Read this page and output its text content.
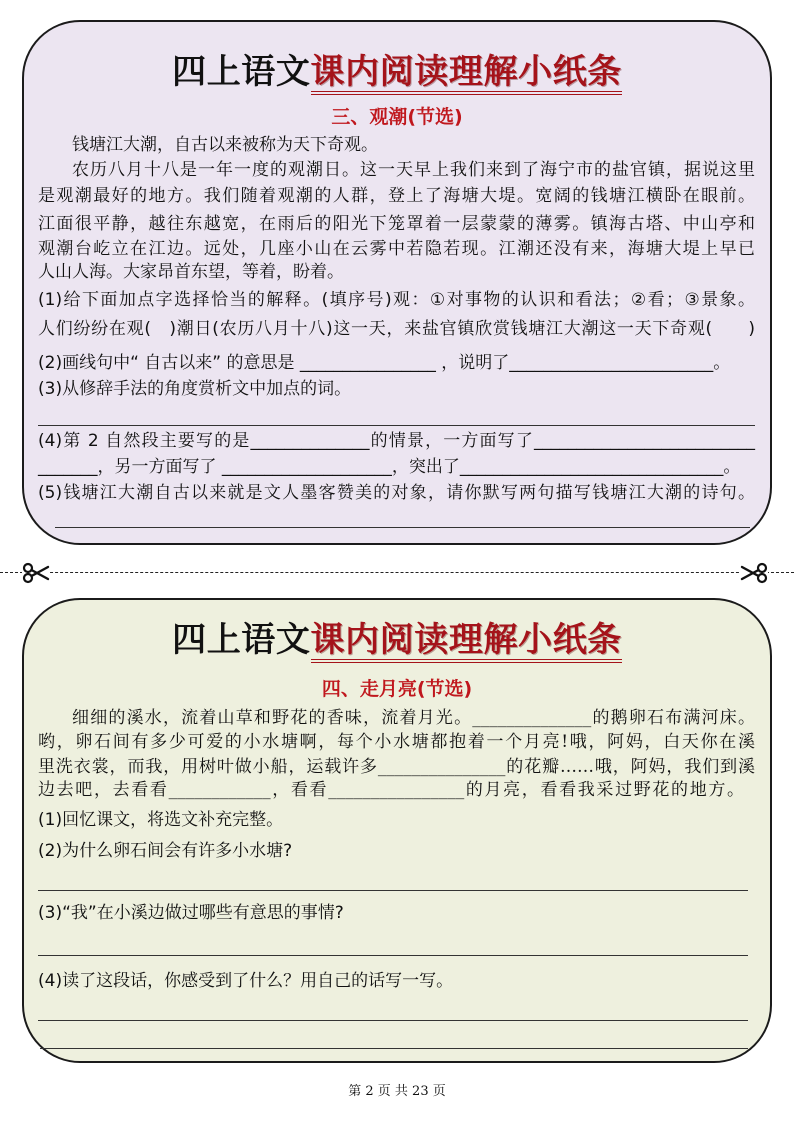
四上语文课内阅读理解小纸条
三、观潮(节选)
钱塘江大潮，自古以来被称为天下奇观。
农历八月十八是一年一度的观潮日。这一天早上我们来到了海宁市的盐官镇，据说这里
是观潮最好的地方。我们随着观潮的人群，登上了海塘大堤。宽阔的钱塘江横卧在眼前。
江面很平静，越往东越宽，在雨后的阳光下笼罩着一层蒙蒙的薄雾。镇海古塔、中山亭和
观潮台屹立在江边。远处，几座小山在云雾中若隐若现。江潮还没有来，海塘大堤上早已
人山人海。大家昂首东望，等着，盼着。
(1)给下面加点字选择恰当的解释。(填序号)观：①对事物的认识和看法；②看；③景象。
人们纷纷在观(　)潮日(农历八月十八)这一天，来盐官镇欣赏钱塘江大潮这一天下奇观(　　)
(2)画线句中“ 自古以来” 的意思是 ________________ ，说明了________________________。
(3)从修辞手法的角度赏析文中加点的词。
(4)第 2 自然段主要写的是______________的情景，一方面写了__________________________
_______，另一方面写了 ____________________，突出了_______________________________。
(5)钱塘江大潮自古以来就是文人墨客赞美的对象，请你默写两句描写钱塘江大潮的诗句。
四上语文课内阅读理解小纸条
四、走月亮(节选)
细细的溪水，流着山草和野花的香味，流着月光。______________的鹅卵石布满河床。
哟，卵石间有多少可爱的小水塘啊，每个小水塘都抱着一个月亮!哦，阿妈，白天你在溪
里洗衣裳，而我，用树叶做小船，运载许多_______________的花瓣……哦，阿妈，我们到溪
边去吧，去看看____________，看看________________的月亮，看看我采过野花的地方。
(1)回忆课文，将选文补充完整。
(2)为什么卵石间会有许多小水塘?
(3)“我”在小溪边做过哪些有意思的事情?
(4)读了这段话，你感受到了什么？用自己的话写一写。
第 2 页 共 23 页
